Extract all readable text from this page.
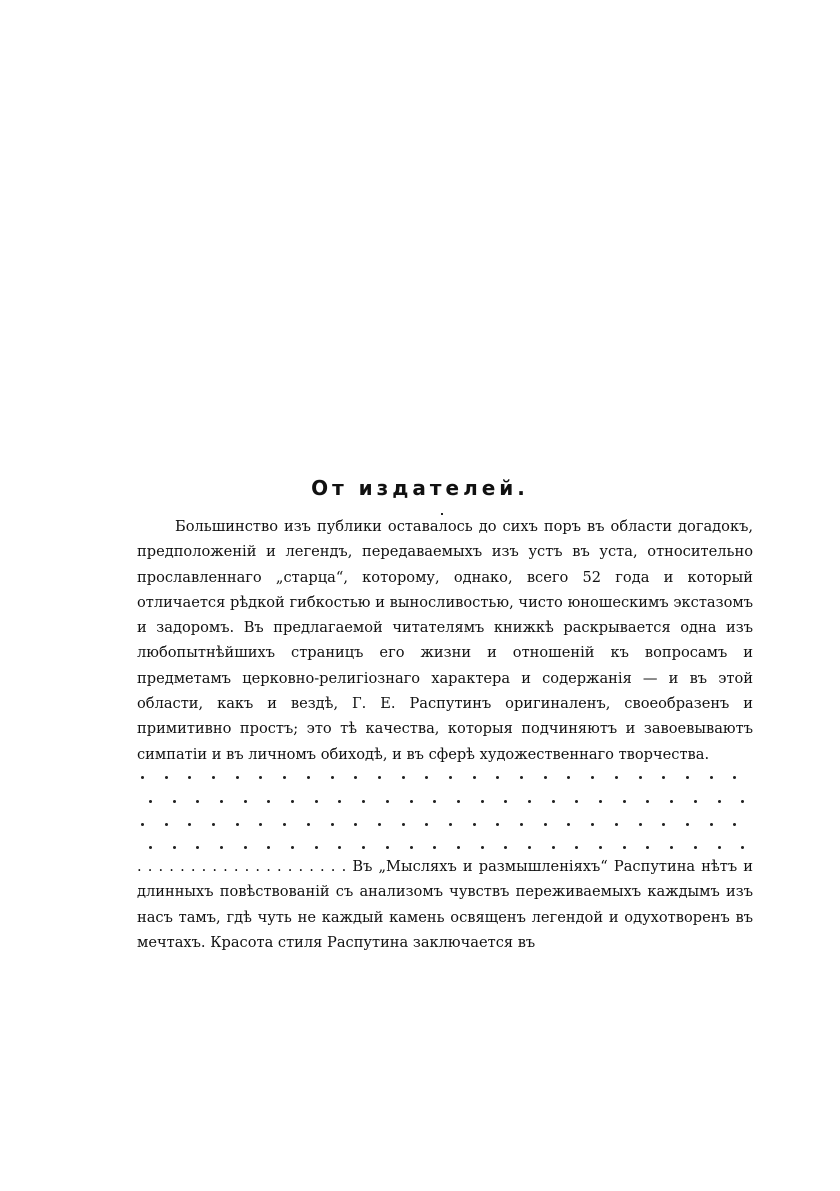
От издателей.

Большинство изъ публики оставалось до сихъ поръ въ области догадокъ, предположеній и легендъ, передаваемыхъ изъ устъ въ уста, относительно прославленнаго „старца“, которому, однако, всего 52 года и который отличается рѣдкой гибкостью и выносливостью, чисто юношескимъ экстазомъ и задоромъ. Въ предлагаемой читателямъ книжкѣ раскрывается одна изъ любопытнѣйшихъ страницъ его жизни и отношеній къ вопросамъ и предметамъ церковно-религіознаго характера и содержанія — и въ этой области, какъ и вездѣ, Г. Е. Распутинъ оригиналенъ, своеобразенъ и примитивно простъ; это тѣ качества, которыя подчиняютъ и завоевываютъ симпатіи и въ личномъ обиходѣ, и въ сферѣ художественнаго творчества.

. . . . . . . . . . . . . . . . . . . . Въ „Мысляхъ и размышленіяхъ“ Распутина нѣтъ и длинныхъ повѣствованій съ анализомъ чувствъ переживаемыхъ каждымъ изъ насъ тамъ, гдѣ чуть не каждый камень освященъ легендой и одухотворенъ въ мечтахъ. Красота стиля Распутина заключается въ
